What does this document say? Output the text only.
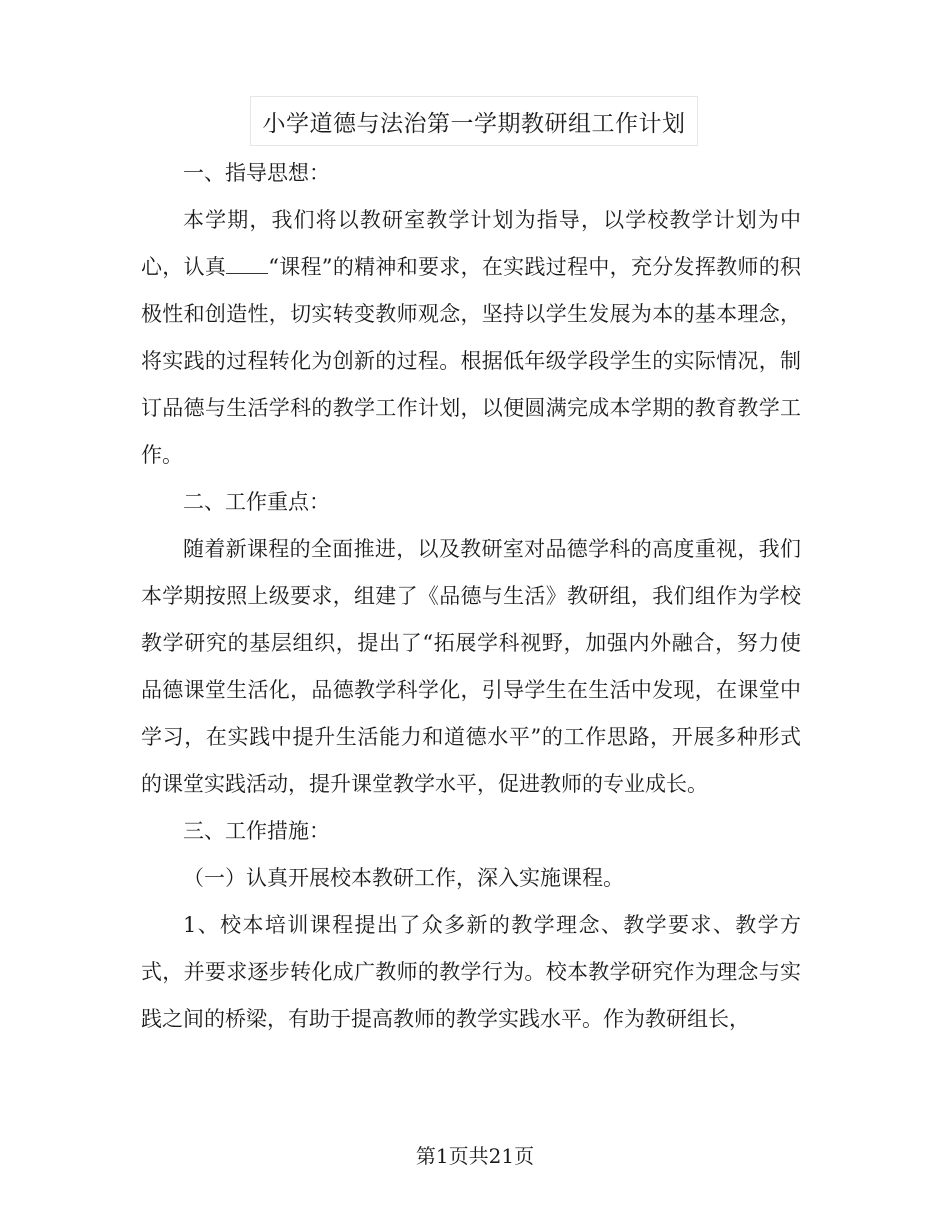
小学道德与法治第一学期教研组工作计划

一、指导思想：

本学期，我们将以教研室教学计划为指导，以学校教学计划为中心，认真 “课程”的精神和要求，在实践过程中，充分发挥教师的积极性和创造性，切实转变教师观念，坚持以学生发展为本的基本理念，将实践的过程转化为创新的过程。根据低年级学段学生的实际情况，制订品德与生活学科的教学工作计划，以便圆满完成本学期的教育教学工作。

二、工作重点：

随着新课程的全面推进，以及教研室对品德学科的高度重视，我们本学期按照上级要求，组建了《品德与生活》教研组，我们组作为学校教学研究的基层组织，提出了“拓展学科视野，加强内外融合，努力使品德课堂生活化，品德教学科学化，引导学生在生活中发现，在课堂中学习，在实践中提升生活能力和道德水平”的工作思路，开展多种形式的课堂实践活动，提升课堂教学水平，促进教师的专业成长。

三、工作措施：

（一）认真开展校本教研工作，深入实施课程。

1、校本培训课程提出了众多新的教学理念、教学要求、教学方式，并要求逐步转化成广教师的教学行为。校本教学研究作为理念与实践之间的桥梁，有助于提高教师的教学实践水平。作为教研组长，

第1页共21页
